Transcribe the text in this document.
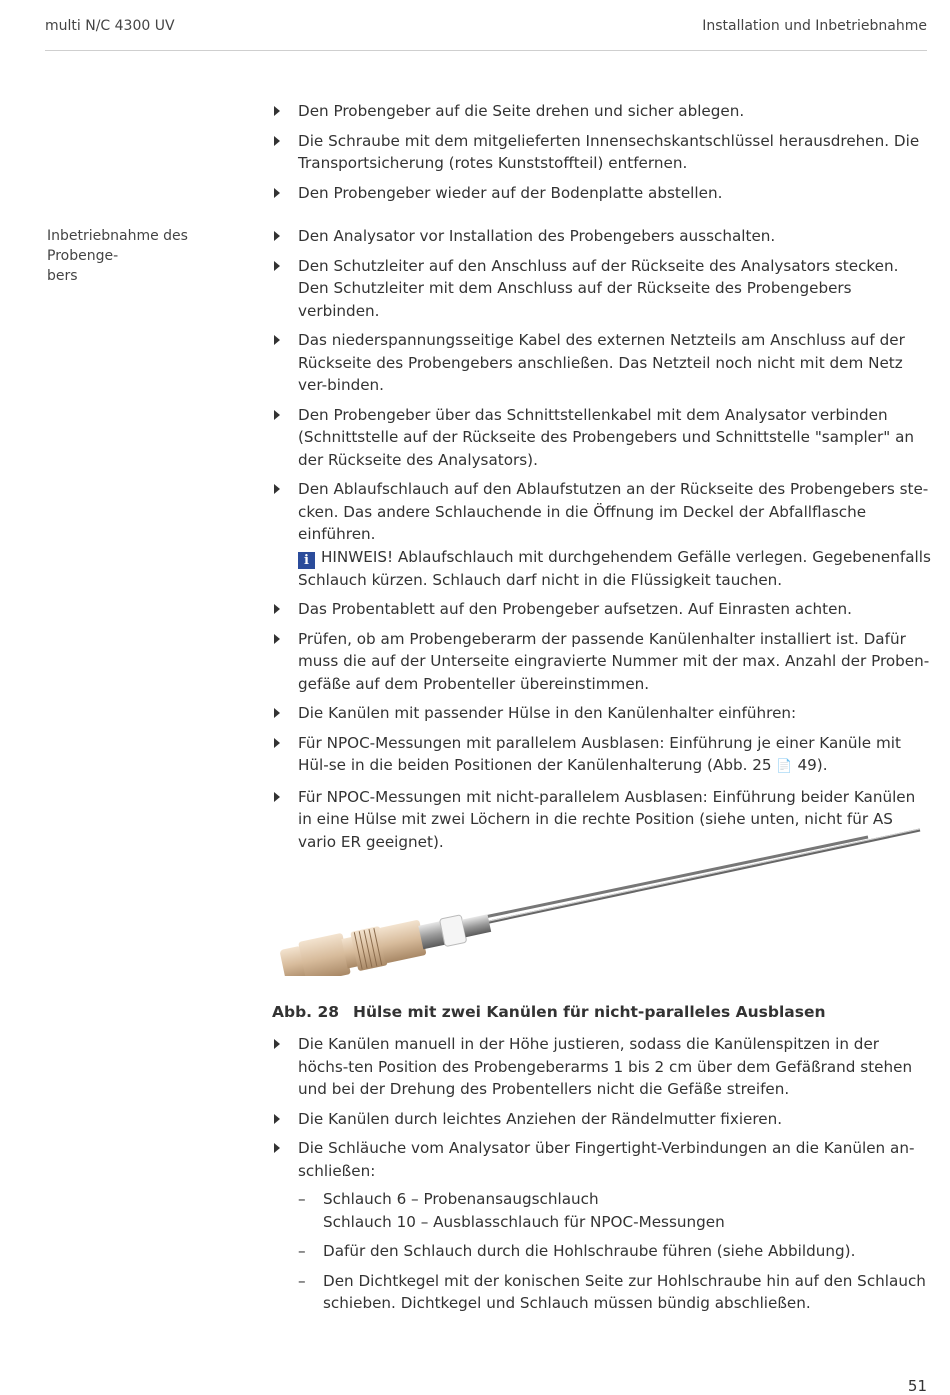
multi N/C 4300 UV	Installation und Inbetriebnahme
Den Probengeber auf die Seite drehen und sicher ablegen.
Die Schraube mit dem mitgelieferten Innensechskantschlüssel herausdrehen. Die Transportsicherung (rotes Kunststoffteil) entfernen.
Den Probengeber wieder auf der Bodenplatte abstellen.
Inbetriebnahme des Probenge-
bers
Den Analysator vor Installation des Probengebers ausschalten.
Den Schutzleiter auf den Anschluss auf der Rückseite des Analysators stecken. Den Schutzleiter mit dem Anschluss auf der Rückseite des Probengebers verbinden.
Das niederspannungsseitige Kabel des externen Netzteils am Anschluss auf der Rückseite des Probengebers anschließen. Das Netzteil noch nicht mit dem Netz ver-binden.
Den Probengeber über das Schnittstellenkabel mit dem Analysator verbinden (Schnittstelle auf der Rückseite des Probengebers und Schnittstelle "sampler" an der Rückseite des Analysators).
Den Ablaufschlauch auf den Ablaufstutzen an der Rückseite des Probengebers ste-cken. Das andere Schlauchende in die Öffnung im Deckel der Abfallflasche einführen.
i HINWEIS! Ablaufschlauch mit durchgehendem Gefälle verlegen. Gegebenenfalls Schlauch kürzen. Schlauch darf nicht in die Flüssigkeit tauchen.
Das Probentablett auf den Probengeber aufsetzen. Auf Einrasten achten.
Prüfen, ob am Probengeberarm der passende Kanülenhalter installiert ist. Dafür muss die auf der Unterseite eingravierte Nummer mit der max. Anzahl der Proben-gefäße auf dem Probenteller übereinstimmen.
Die Kanülen mit passender Hülse in den Kanülenhalter einführen:
Für NPOC-Messungen mit parallelem Ausblasen: Einführung je einer Kanüle mit Hül-se in die beiden Positionen der Kanülenhalterung (Abb. 25 📄 49).
Für NPOC-Messungen mit nicht-parallelem Ausblasen: Einführung beider Kanülen in eine Hülse mit zwei Löchern in die rechte Position (siehe unten, nicht für AS vario ER geeignet).
Abb. 28 Hülse mit zwei Kanülen für nicht-paralleles Ausblasen
Die Kanülen manuell in der Höhe justieren, sodass die Kanülenspitzen in der höchs-ten Position des Probengeberarms 1 bis 2 cm über dem Gefäßrand stehen und bei der Drehung des Probentellers nicht die Gefäße streifen.
Die Kanülen durch leichtes Anziehen der Rändelmutter fixieren.
Die Schläuche vom Analysator über Fingertight-Verbindungen an die Kanülen an-schließen:
– Schlauch 6 – Probenansaugschlauch
Schlauch 10 – Ausblasschlauch für NPOC-Messungen
– Dafür den Schlauch durch die Hohlschraube führen (siehe Abbildung).
– Den Dichtkegel mit der konischen Seite zur Hohlschraube hin auf den Schlauch schieben. Dichtkegel und Schlauch müssen bündig abschließen.
51
